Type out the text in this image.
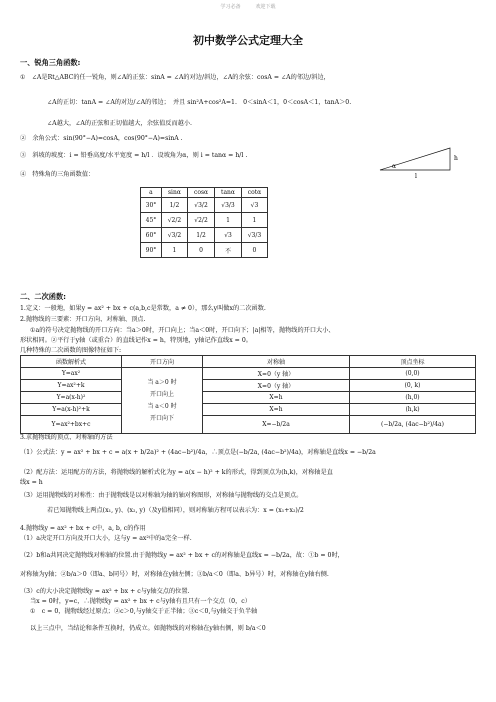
学习必备　　　欢迎下载
初中数学公式定理大全
一、锐角三角函数:
①　∠A是Rt△ABC的任一锐角，则∠A的正弦：sinA = ∠A的对边/斜边，∠A的余弦：cosA = ∠A的邻边/斜边，
∠A的正切：tanA = ∠A的对边/∠A的邻边；　并且 sin²A+cos²A=1.　0＜sinA＜1，0＜cosA＜1，tanA＞0.
∠A越大，∠A的正弦和正切值越大，余弦值反而越小.
②　余角公式：sin(90°−A)=cosA，cos(90°−A)=sinA .
③　斜坡的坡度：i = 铅垂高度/水平宽度 = h/l ．设坡角为α，则 i = tanα = h/l .
④　特殊角的三角函数值：
α
h
l
a	sinα	cosα	tanα	cotα
30°	1/2	√3/2	√3/3	√3
45°	√2/2	√2/2	1	1
60°	√3/2	1/2	√3	√3/3
90°	1	0	不	0
二、二次函数:
1.定义：一般地，如果y = ax² + bx + c(a,b,c是常数，a ≠ 0），那么y叫做x的二次函数.
2.抛物线的三要素：开口方向、对称轴、顶点.
①a的符号决定抛物线的开口方向：当a＞0时，开口向上；当a＜0时，开口向下；|a|相等，抛物线的开口大小、
形状相同。②平行于y轴（或重合）的直线记作x = h，特别地，y轴记作直线x = 0。
几种特殊的二次函数的图像特征如下:
函数解析式	开口方向	对称轴	顶点坐标
Y=ax²	当 a＞0 时
开口向上
当 a＜0 时
开口向下	X=0（y 轴）	(0,0)
Y=ax²+k		X=0（y 轴）	(0, k)
Y=a(x-h)²		X=h	(h,0)
Y=a(x-h)²+k		X=h	(h,k)
Y=ax²+bx+c		X=−b/2a	(−b/2a, (4ac−b²)/4a)
3.求抛物线的顶点、对称轴的方法
（1）公式法：y = ax² + bx + c = a(x + b/2a)² + (4ac−b²)/4a，∴顶点是(−b/2a, (4ac−b²)/4a)，对称轴是直线x = −b/2a
（2）配方法：运用配方的方法，将抛物线的解析式化为y = a(x − h)² + k的形式，得到顶点为(h,k)，对称轴是直
线x = h
（3）运用抛物线的对称性：由于抛物线是以对称轴为轴的轴对称图形，对称轴与抛物线的交点是顶点。
若已知抛物线上两点(x₁, y)、(x₂, y)（及y值相同），则对称轴方程可以表示为：x = (x₁+x₂)/2
4.抛物线y = ax² + bx + c中，a, b, c的作用
（1）a决定开口方向及开口大小，这与y = ax²中的a完全一样.
（2）b和a共同决定抛物线对称轴的位置.由于抛物线y = ax² + bx + c的对称轴是直线x = −b/2a，故：①b = 0时，
对称轴为y轴；②b/a＞0（即a、b同号）时，对称轴在y轴左侧；③b/a＜0（即a、b异号）时，对称轴在y轴右侧.
（3）c的大小决定抛物线y = ax² + bx + c与y轴交点的位置.
当x = 0时，y=c，∴抛物线y = ax² + bx + c与y轴有且只有一个交点（0，c）
①　c = 0，抛物线经过原点；②c＞0,与y轴交于正半轴；③c＜0,与y轴交于负半轴
以上三点中，当结论和条件互换时，仍成立。如抛物线的对称轴在y轴右侧，则 b/a＜0
